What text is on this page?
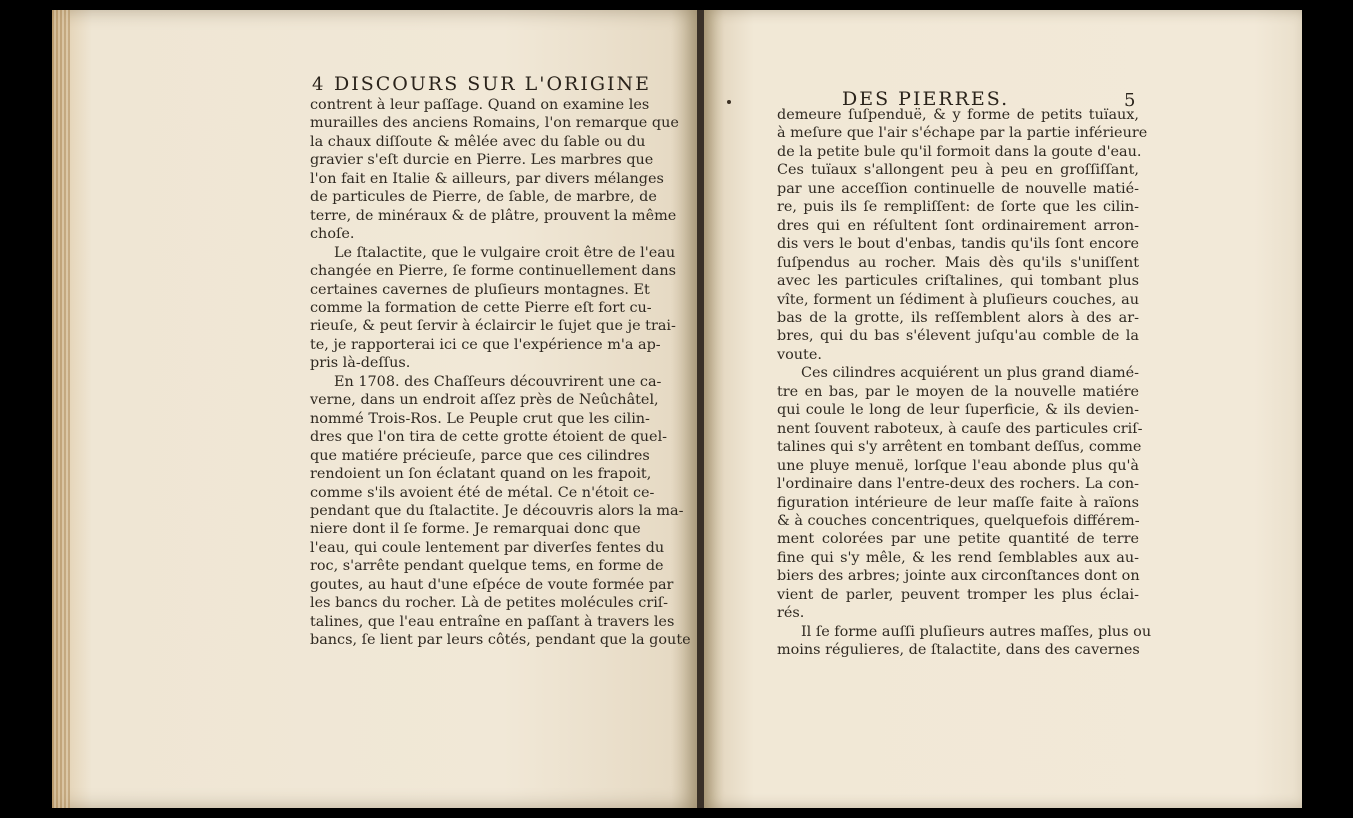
4 DISCOURS SUR L'ORIGINE
contrent à leur paſſage. Quand on examine les
murailles des anciens Romains, l'on remarque que
la chaux diſſoute & mêlée avec du ſable ou du
gravier s'eſt durcie en Pierre. Les marbres que
l'on fait en Italie & ailleurs, par divers mélanges
de particules de Pierre, de ſable, de marbre, de
terre, de minéraux & de plâtre, prouvent la même
choſe.
Le ſtalactite, que le vulgaire croit être de l'eau
changée en Pierre, ſe forme continuellement dans
certaines cavernes de pluſieurs montagnes. Et
comme la formation de cette Pierre eſt fort cu-
rieuſe, & peut ſervir à éclaircir le ſujet que je trai-
te, je rapporterai ici ce que l'expérience m'a ap-
pris là-deſſus.
En 1708. des Chaſſeurs découvrirent une ca-
verne, dans un endroit aſſez près de Neûchâtel,
nommé Trois-Ros. Le Peuple crut que les cilin-
dres que l'on tira de cette grotte étoient de quel-
que matiére précieuſe, parce que ces cilindres
rendoient un ſon éclatant quand on les frapoit,
comme s'ils avoient été de métal. Ce n'étoit ce-
pendant que du ſtalactite. Je découvris alors la ma-
niere dont il ſe forme. Je remarquai donc que
l'eau, qui coule lentement par diverſes fentes du
roc, s'arrête pendant quelque tems, en forme de
goutes, au haut d'une eſpéce de voute formée par
les bancs du rocher. Là de petites molécules criſ-
talines, que l'eau entraîne en paſſant à travers les
bancs, ſe lient par leurs côtés, pendant que la goute
DES PIERRES.	5
demeure ſuſpenduë, & y forme de petits tuïaux,
à meſure que l'air s'échape par la partie inférieure
de la petite bule qu'il formoit dans la goute d'eau.
Ces tuïaux s'allongent peu à peu en groſſiſſant,
par une acceſſion continuelle de nouvelle matié-
re, puis ils ſe rempliſſent: de ſorte que les cilin-
dres qui en réſultent ſont ordinairement arron-
dis vers le bout d'enbas, tandis qu'ils ſont encore
ſuſpendus au rocher. Mais dès qu'ils s'uniſſent
avec les particules criſtalines, qui tombant plus
vîte, forment un ſédiment à pluſieurs couches, au
bas de la grotte, ils reſſemblent alors à des ar-
bres, qui du bas s'élevent juſqu'au comble de la
voute.
Ces cilindres acquiérent un plus grand diamé-
tre en bas, par le moyen de la nouvelle matiére
qui coule le long de leur ſuperficie, & ils devien-
nent ſouvent raboteux, à cauſe des particules criſ-
talines qui s'y arrêtent en tombant deſſus, comme
une pluye menuë, lorſque l'eau abonde plus qu'à
l'ordinaire dans l'entre-deux des rochers. La con-
figuration intérieure de leur maſſe faite à raïons
& à couches concentriques, quelquefois différem-
ment colorées par une petite quantité de terre
fine qui s'y mêle, & les rend ſemblables aux au-
biers des arbres; jointe aux circonſtances dont on
vient de parler, peuvent tromper les plus éclai-
rés.
Il ſe forme auſſi pluſieurs autres maſſes, plus ou
moins régulieres, de ſtalactite, dans des cavernes
